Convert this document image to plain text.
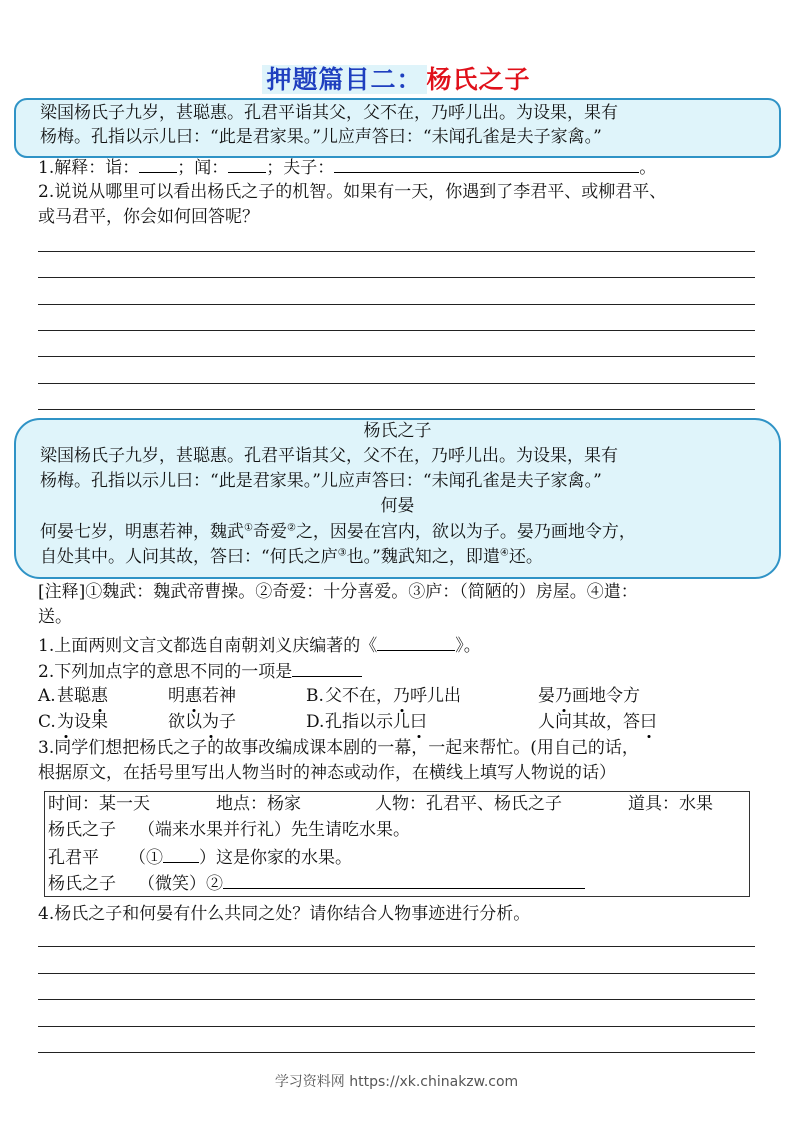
押题篇目二： 杨氏之子
梁国杨氏子九岁，甚聪惠。孔君平诣其父，父不在，乃呼儿出。为设果，果有
杨梅。孔指以示儿曰：“此是君家果。”儿应声答曰：“未闻孔雀是夫子家禽。”
1.解释：诣： ；闻： ；夫子：	。
2.说说从哪里可以看出杨氏之子的机智。如果有一天，你遇到了李君平、或柳君平、
或马君平，你会如何回答呢？
杨氏之子
梁国杨氏子九岁，甚聪惠。孔君平诣其父，父不在，乃呼儿出。为设果，果有
杨梅。孔指以示儿曰：“此是君家果。”儿应声答曰：“未闻孔雀是夫子家禽。”
何晏
何晏七岁，明惠若神，魏武①奇爱②之，因晏在宫内，欲以为子。晏乃画地令方，
自处其中。人问其故，答曰：“何氏之庐③也。”魏武知之，即遣④还。
[注释]①魏武：魏武帝曹操。②奇爱：十分喜爱。③庐：（简陋的）房屋。④遣：
送。
1.上面两则文言文都选自南朝刘义庆编著的《	》。
2.下列加点字的意思不同的一项是
A. 甚聪惠	明惠若神	B. 父不在，乃呼儿出	晏乃画地令方
C. 为设果	欲以为子	D. 孔指以示儿曰	人问其故，答曰
3.同学们想把杨氏之子的故事改编成课本剧的一幕，一起来帮忙。(用自己的话，
根据原文，在括号里写出人物当时的神态或动作，在横线上填写人物说的话）
时间：某一天	地点：杨家	人物：孔君平、杨氏之子	道具：水果
杨氏之子 （端来水果并行礼）先生请吃水果。
孔君平 （① ）这是你家的水果。
杨氏之子 （微笑）②
4.杨氏之子和何晏有什么共同之处？请你结合人物事迹进行分析。
学习资料网 https://xk.chinakzw.com
